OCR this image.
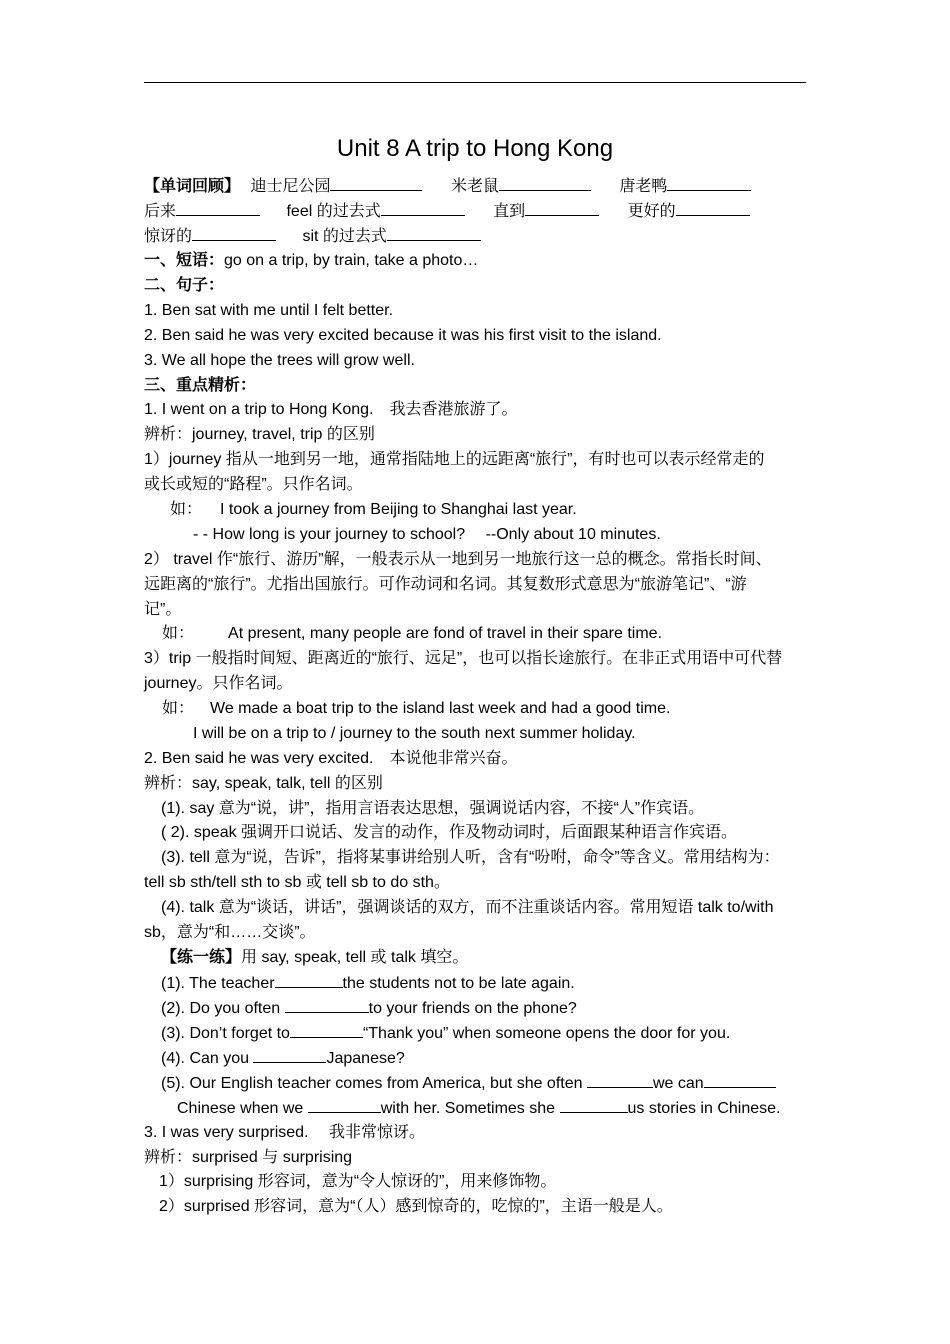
Unit 8 A trip to Hong Kong
【单词回顾】 迪士尼公园	米老鼠	唐老鸭
后来	feel 的过去式	直到	更好的
惊讶的	sit 的过去式
一、短语：go on a trip, by train, take a photo…
二、句子：
1. Ben sat with me until I felt better.
2. Ben said he was very excited because it was his first visit to the island.
3. We all hope the trees will grow well.
三、重点精析：
1. I went on a trip to Hong Kong.　我去香港旅游了。
辨析：journey, travel, trip 的区别
1）journey 指从一地到另一地，通常指陆地上的远距离“旅行”，有时也可以表示经常走的
或长或短的“路程”。只作名词。
如： I took a journey from Beijing to Shanghai last year.
- - How long is your journey to school?　 --Only about 10 minutes.
2） travel 作“旅行、游历”解，一般表示从一地到另一地旅行这一总的概念。常指长时间、
远距离的“旅行”。尤指出国旅行。可作动词和名词。其复数形式意思为“旅游笔记”、“游
记”。
如： At present, many people are fond of travel in their spare time.
3）trip 一般指时间短、距离近的“旅行、远足”，也可以指长途旅行。在非正式用语中可代替
journey。只作名词。
如： We made a boat trip to the island last week and had a good time.
I will be on a trip to / journey to the south next summer holiday.
2. Ben said he was very excited.　本说他非常兴奋。
辨析：say, speak, talk, tell 的区别
(1). say 意为“说，讲”，指用言语表达思想，强调说话内容，不接“人”作宾语。
( 2). speak 强调开口说话、发言的动作，作及物动词时，后面跟某种语言作宾语。
(3). tell 意为“说，告诉”，指将某事讲给别人听，含有“吩咐，命令”等含义。常用结构为：
tell sb sth/tell sth to sb 或 tell sb to do sth。
(4). talk 意为“谈话，讲话”，强调谈话的双方，而不注重谈话内容。常用短语 talk to/with
sb，意为“和……交谈”。
【练一练】用 say, speak, tell 或 talk 填空。
(1). The teacher	the students not to be late again.
(2). Do you often	to your friends on the phone?
(3). Don’t forget to	“Thank you” when someone opens the door for you.
(4). Can you	Japanese?
(5). Our English teacher comes from America, but she often	we can
Chinese when we	with her. Sometimes she	us stories in Chinese.
3. I was very surprised.　 我非常惊讶。
辨析：surprised 与 surprising
1）surprising 形容词，意为“令人惊讶的”，用来修饰物。
2）surprised 形容词，意为“（人）感到惊奇的，吃惊的”，主语一般是人。
